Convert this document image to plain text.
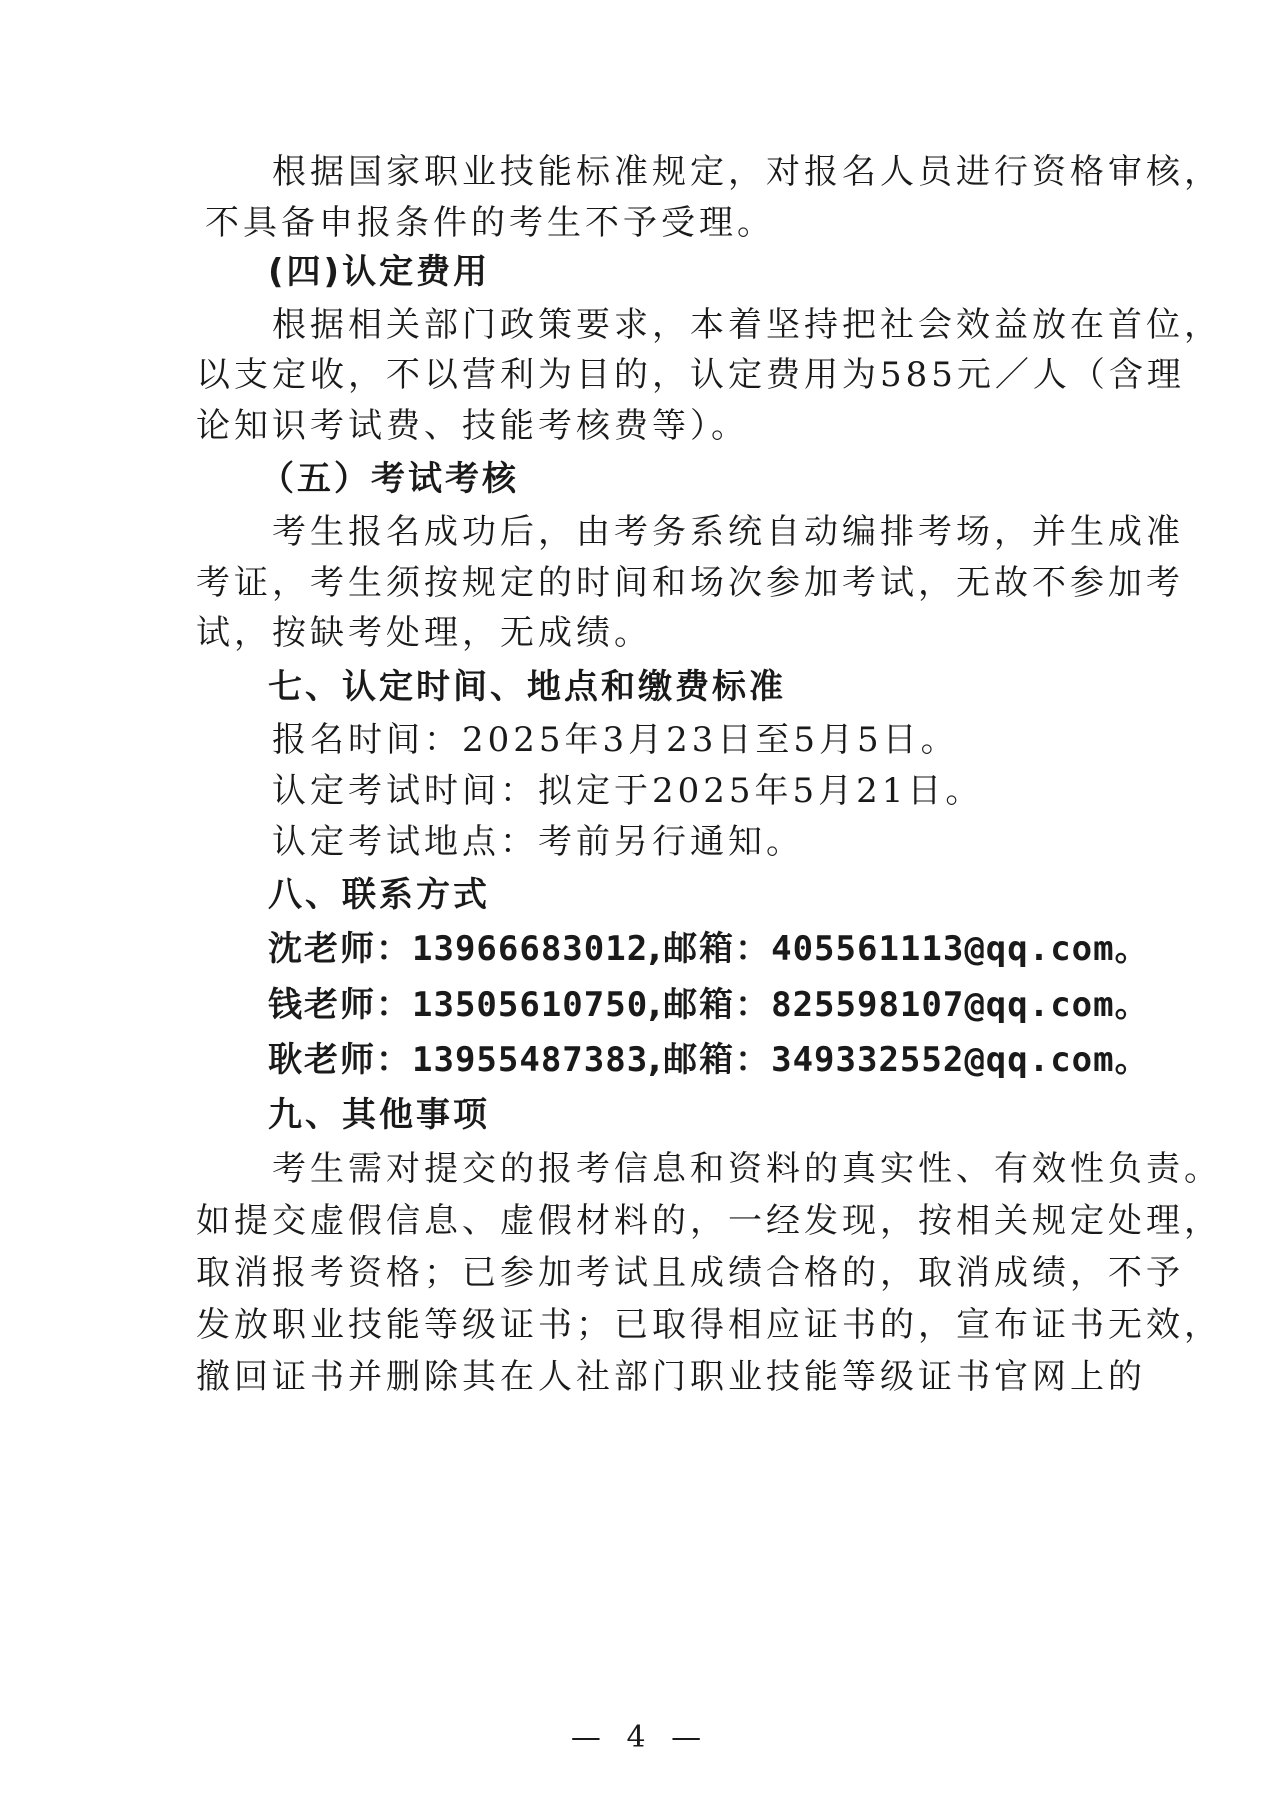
根据国家职业技能标准规定，对报名人员进行资格审核，
不具备申报条件的考生不予受理。
(四)认定费用
根据相关部门政策要求，本着坚持把社会效益放在首位，
以支定收，不以营利为目的，认定费用为585元／人（含理
论知识考试费、技能考核费等）。
（五）考试考核
考生报名成功后，由考务系统自动编排考场，并生成准
考证，考生须按规定的时间和场次参加考试，无故不参加考
试，按缺考处理，无成绩。
七、认定时间、地点和缴费标准
报名时间：2025年3月23日至5月5日。
认定考试时间：拟定于2025年5月21日。
认定考试地点：考前另行通知。
八、联系方式
沈老师：13966683012,邮箱：405561113@qq.com。
钱老师：13505610750,邮箱：825598107@qq.com。
耿老师：13955487383,邮箱：349332552@qq.com。
九、其他事项
考生需对提交的报考信息和资料的真实性、有效性负责。
如提交虚假信息、虚假材料的，一经发现，按相关规定处理，
取消报考资格；已参加考试且成绩合格的，取消成绩，不予
发放职业技能等级证书；已取得相应证书的，宣布证书无效，
撤回证书并删除其在人社部门职业技能等级证书官网上的
— 4 —
